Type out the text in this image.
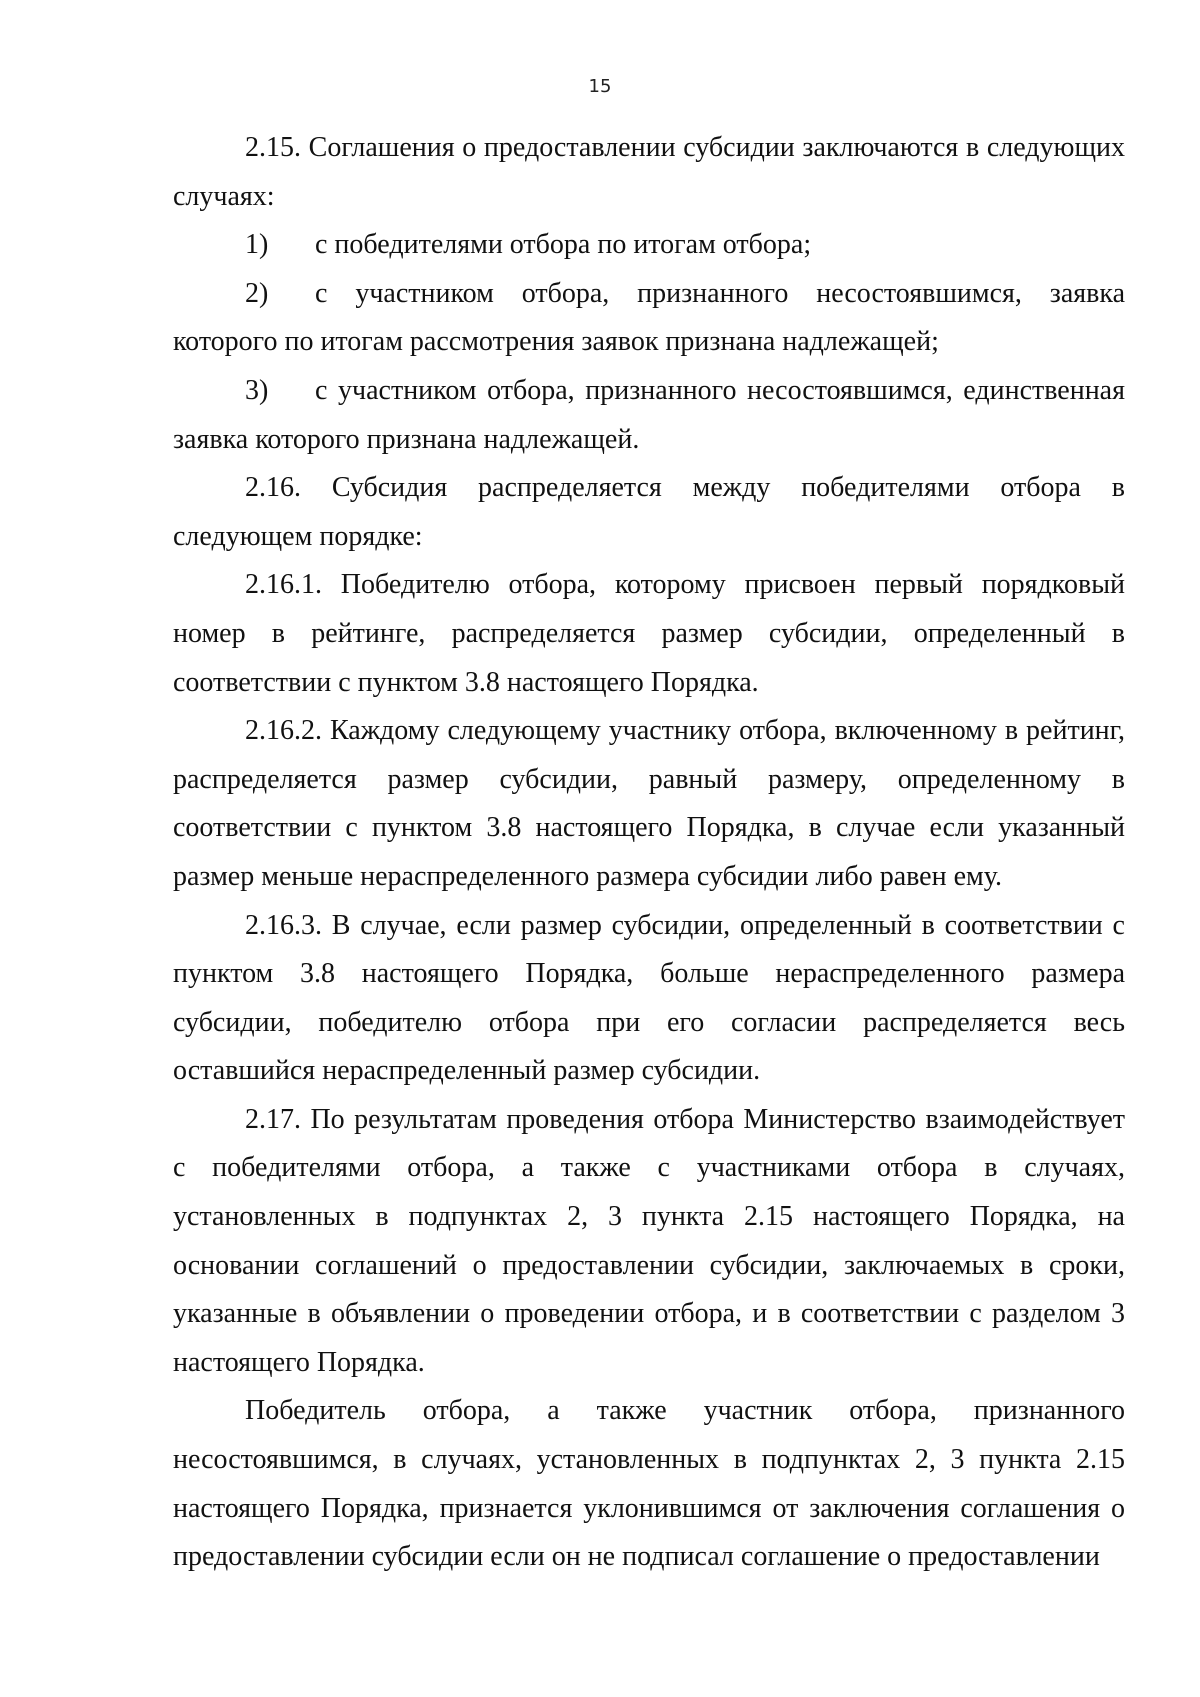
15

2.15. Соглашения о предоставлении субсидии заключаются в следующих случаях:

1) с победителями отбора по итогам отбора;

2) с участником отбора, признанного несостоявшимся, заявка которого по итогам рассмотрения заявок признана надлежащей;

3) с участником отбора, признанного несостоявшимся, единственная заявка которого признана надлежащей.

2.16. Субсидия распределяется между победителями отбора в следующем порядке:

2.16.1. Победителю отбора, которому присвоен первый порядковый номер в рейтинге, распределяется размер субсидии, определенный в соответствии с пунктом 3.8 настоящего Порядка.

2.16.2. Каждому следующему участнику отбора, включенному в рейтинг, распределяется размер субсидии, равный размеру, определенному в соответствии с пунктом 3.8 настоящего Порядка, в случае если указанный размер меньше нераспределенного размера субсидии либо равен ему.

2.16.3. В случае, если размер субсидии, определенный в соответствии с пунктом 3.8 настоящего Порядка, больше нераспределенного размера субсидии, победителю отбора при его согласии распределяется весь оставшийся нераспределенный размер субсидии.

2.17. По результатам проведения отбора Министерство взаимодействует с победителями отбора, а также с участниками отбора в случаях, установленных в подпунктах 2, 3 пункта 2.15 настоящего Порядка, на основании соглашений о предоставлении субсидии, заключаемых в сроки, указанные в объявлении о проведении отбора, и в соответствии с разделом 3 настоящего Порядка.

Победитель отбора, а также участник отбора, признанного несостоявшимся, в случаях, установленных в подпунктах 2, 3 пункта 2.15 настоящего Порядка, признается уклонившимся от заключения соглашения о предоставлении субсидии если он не подписал соглашение о предоставлении
